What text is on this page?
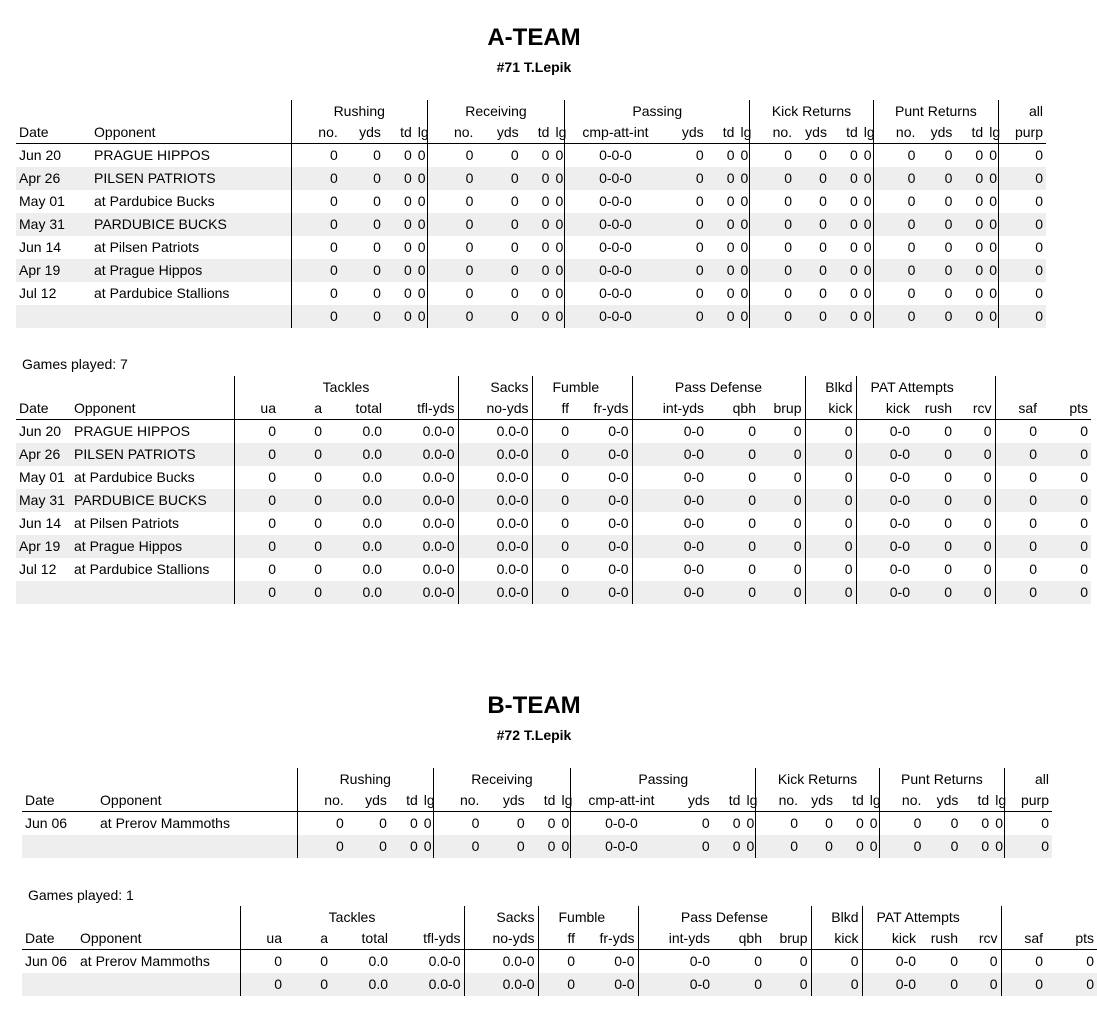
A-TEAM
#71 T.Lepik
		Rushing				Receiving				Passing				Kick Returns				Punt Returns				all
Date	Opponent	no.	yds	td	lg	no.	yds	td	lg	cmp-att-int	yds	td	lg	no.	yds	td	lg	no.	yds	td	lg	purp
Jun 20	PRAGUE HIPPOS	0	0	0	0	0	0	0	0	0-0-0	0	0	0	0	0	0	0	0	0	0	0	0
Apr 26	PILSEN PATRIOTS	0	0	0	0	0	0	0	0	0-0-0	0	0	0	0	0	0	0	0	0	0	0	0
May 01	at Pardubice Bucks	0	0	0	0	0	0	0	0	0-0-0	0	0	0	0	0	0	0	0	0	0	0	0
May 31	PARDUBICE BUCKS	0	0	0	0	0	0	0	0	0-0-0	0	0	0	0	0	0	0	0	0	0	0	0
Jun 14	at Pilsen Patriots	0	0	0	0	0	0	0	0	0-0-0	0	0	0	0	0	0	0	0	0	0	0	0
Apr 19	at Prague Hippos	0	0	0	0	0	0	0	0	0-0-0	0	0	0	0	0	0	0	0	0	0	0	0
Jul 12	at Pardubice Stallions	0	0	0	0	0	0	0	0	0-0-0	0	0	0	0	0	0	0	0	0	0	0	0
		0	0	0	0	0	0	0	0	0-0-0	0	0	0	0	0	0	0	0	0	0	0	0
Games played: 7
		Tackles				Sacks	Fumble		Pass Defense			Blkd	PAT Attempts				
Date	Opponent	ua	a	total	tfl-yds	no-yds	ff	fr-yds	int-yds	qbh	brup	kick	kick	rush	rcv	saf	pts
Jun 20	PRAGUE HIPPOS	0	0	0.0	0.0-0	0.0-0	0	0-0	0-0	0	0	0	0-0	0	0	0	0
Apr 26	PILSEN PATRIOTS	0	0	0.0	0.0-0	0.0-0	0	0-0	0-0	0	0	0	0-0	0	0	0	0
May 01	at Pardubice Bucks	0	0	0.0	0.0-0	0.0-0	0	0-0	0-0	0	0	0	0-0	0	0	0	0
May 31	PARDUBICE BUCKS	0	0	0.0	0.0-0	0.0-0	0	0-0	0-0	0	0	0	0-0	0	0	0	0
Jun 14	at Pilsen Patriots	0	0	0.0	0.0-0	0.0-0	0	0-0	0-0	0	0	0	0-0	0	0	0	0
Apr 19	at Prague Hippos	0	0	0.0	0.0-0	0.0-0	0	0-0	0-0	0	0	0	0-0	0	0	0	0
Jul 12	at Pardubice Stallions	0	0	0.0	0.0-0	0.0-0	0	0-0	0-0	0	0	0	0-0	0	0	0	0
		0	0	0.0	0.0-0	0.0-0	0	0-0	0-0	0	0	0	0-0	0	0	0	0
B-TEAM
#72 T.Lepik
		Rushing				Receiving				Passing				Kick Returns				Punt Returns				all
Date	Opponent	no.	yds	td	lg	no.	yds	td	lg	cmp-att-int	yds	td	lg	no.	yds	td	lg	no.	yds	td	lg	purp
Jun 06	at Prerov Mammoths	0	0	0	0	0	0	0	0	0-0-0	0	0	0	0	0	0	0	0	0	0	0	0
		0	0	0	0	0	0	0	0	0-0-0	0	0	0	0	0	0	0	0	0	0	0	0
Games played: 1
		Tackles				Sacks	Fumble		Pass Defense			Blkd	PAT Attempts				
Date	Opponent	ua	a	total	tfl-yds	no-yds	ff	fr-yds	int-yds	qbh	brup	kick	kick	rush	rcv	saf	pts
Jun 06	at Prerov Mammoths	0	0	0.0	0.0-0	0.0-0	0	0-0	0-0	0	0	0	0-0	0	0	0	0
		0	0	0.0	0.0-0	0.0-0	0	0-0	0-0	0	0	0	0-0	0	0	0	0
